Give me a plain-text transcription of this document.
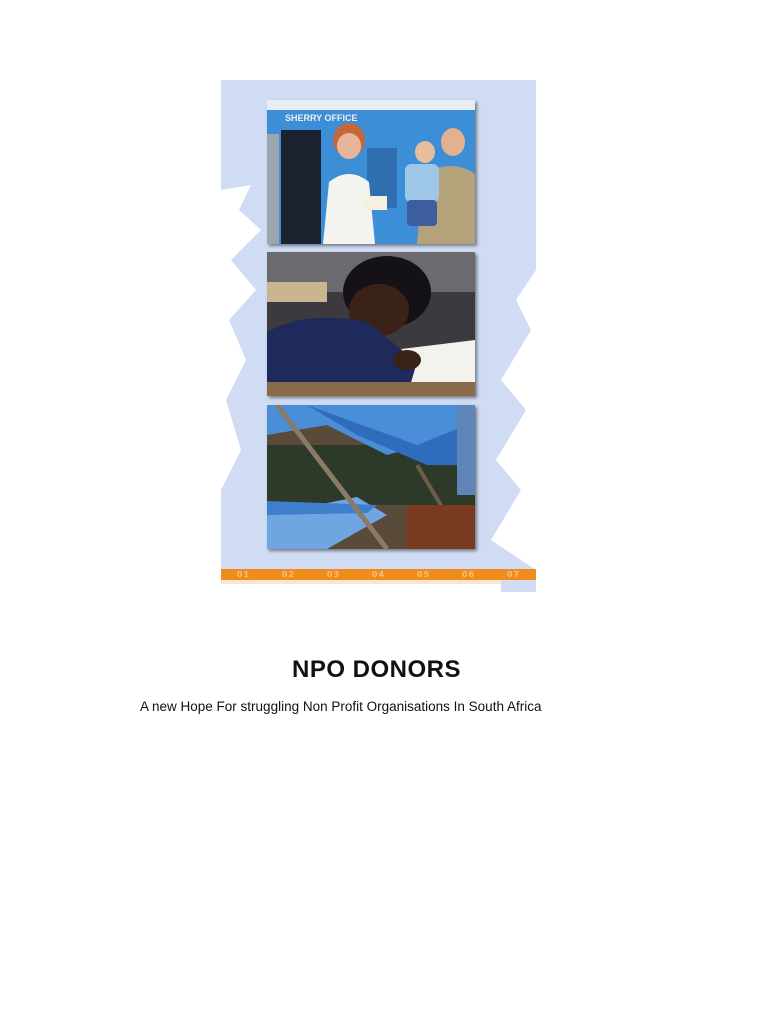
SHERRY OFFICE
01	02	03	04	05	06	07
NPO DONORS
A new Hope For struggling Non Profit Organisations In South Africa
